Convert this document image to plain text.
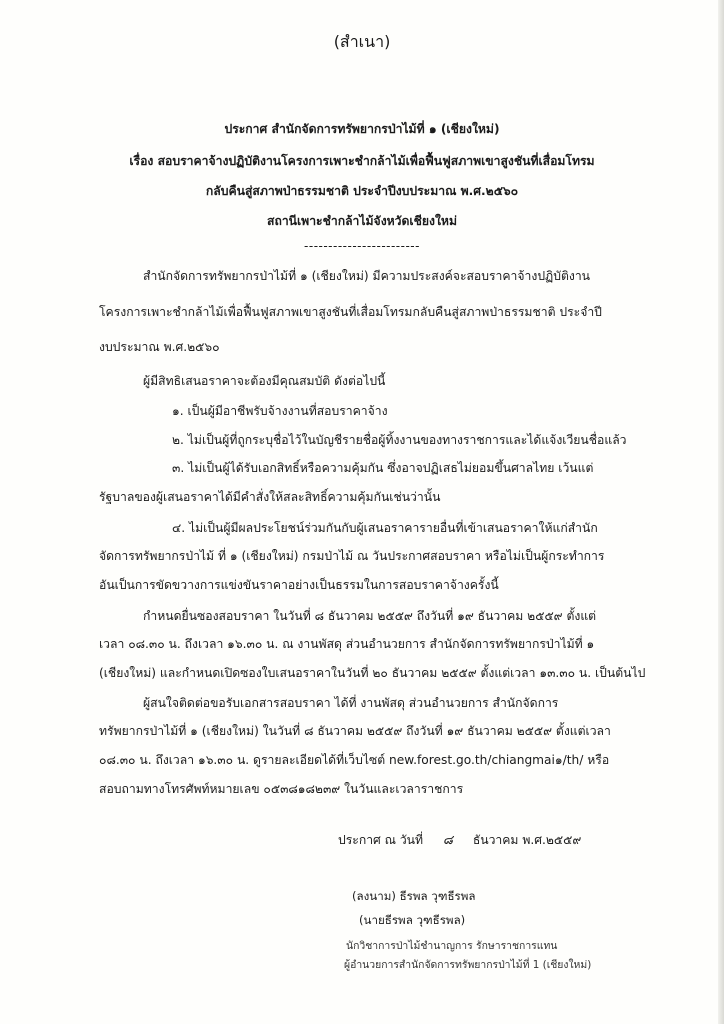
(สำเนา)
ประกาศ สำนักจัดการทรัพยากรป่าไม้ที่ ๑ (เชียงใหม่)
เรื่อง สอบราคาจ้างปฏิบัติงานโครงการเพาะชำกล้าไม้เพื่อฟื้นฟูสภาพเขาสูงชันที่เสื่อมโทรม
กลับคืนสู่สภาพป่าธรรมชาติ ประจำปีงบประมาณ พ.ศ.๒๕๖๐
สถานีเพาะชำกล้าไม้จังหวัดเชียงใหม่
------------------------
สำนักจัดการทรัพยากรป่าไม้ที่ ๑ (เชียงใหม่) มีความประสงค์จะสอบราคาจ้างปฏิบัติงาน
โครงการเพาะชำกล้าไม้เพื่อฟื้นฟูสภาพเขาสูงชันที่เสื่อมโทรมกลับคืนสู่สภาพป่าธรรมชาติ ประจำปี
งบประมาณ พ.ศ.๒๕๖๐
ผู้มีสิทธิเสนอราคาจะต้องมีคุณสมบัติ ดังต่อไปนี้
๑. เป็นผู้มีอาชีพรับจ้างงานที่สอบราคาจ้าง
๒. ไม่เป็นผู้ที่ถูกระบุชื่อไว้ในบัญชีรายชื่อผู้ทิ้งงานของทางราชการและได้แจ้งเวียนชื่อแล้ว
๓. ไม่เป็นผู้ได้รับเอกสิทธิ์หรือความคุ้มกัน ซึ่งอาจปฏิเสธไม่ยอมขึ้นศาลไทย เว้นแต่
รัฐบาลของผู้เสนอราคาได้มีคำสั่งให้สละสิทธิ์ความคุ้มกันเช่นว่านั้น
๔. ไม่เป็นผู้มีผลประโยชน์ร่วมกันกับผู้เสนอราคารายอื่นที่เข้าเสนอราคาให้แก่สำนัก
จัดการทรัพยากรป่าไม้ ที่ ๑ (เชียงใหม่) กรมป่าไม้ ณ วันประกาศสอบราคา หรือไม่เป็นผู้กระทำการ
อันเป็นการขัดขวางการแข่งขันราคาอย่างเป็นธรรมในการสอบราคาจ้างครั้งนี้
กำหนดยื่นซองสอบราคา ในวันที่ ๘ ธันวาคม ๒๕๕๙ ถึงวันที่ ๑๙ ธันวาคม ๒๕๕๙ ตั้งแต่
เวลา ๐๘.๓๐ น. ถึงเวลา ๑๖.๓๐ น. ณ งานพัสดุ ส่วนอำนวยการ สำนักจัดการทรัพยากรป่าไม้ที่ ๑
(เชียงใหม่) และกำหนดเปิดซองใบเสนอราคาในวันที่ ๒๐ ธันวาคม ๒๕๕๙ ตั้งแต่เวลา ๑๓.๓๐ น. เป็นต้นไป
ผู้สนใจติดต่อขอรับเอกสารสอบราคา ได้ที่ งานพัสดุ ส่วนอำนวยการ สำนักจัดการ
ทรัพยากรป่าไม้ที่ ๑ (เชียงใหม่) ในวันที่ ๘ ธันวาคม ๒๕๕๙ ถึงวันที่ ๑๙ ธันวาคม ๒๕๕๙ ตั้งแต่เวลา
๐๘.๓๐ น. ถึงเวลา ๑๖.๓๐ น. ดูรายละเอียดได้ที่เว็บไซต์ new.forest.go.th/chiangmai๑/th/ หรือ
สอบถามทางโทรศัพท์หมายเลข ๐๕๓๘๑๘๒๓๙ ในวันและเวลาราชการ
ประกาศ ณ วันที่ ๘ ธันวาคม พ.ศ.๒๕๕๙
(ลงนาม) ธีรพล วุฑธีรพล
(นายธีรพล วุฑธีรพล)
นักวิชาการป่าไม้ชำนาญการ รักษาราชการแทน
ผู้อำนวยการสำนักจัดการทรัพยากรป่าไม้ที่ 1 (เชียงใหม่)
